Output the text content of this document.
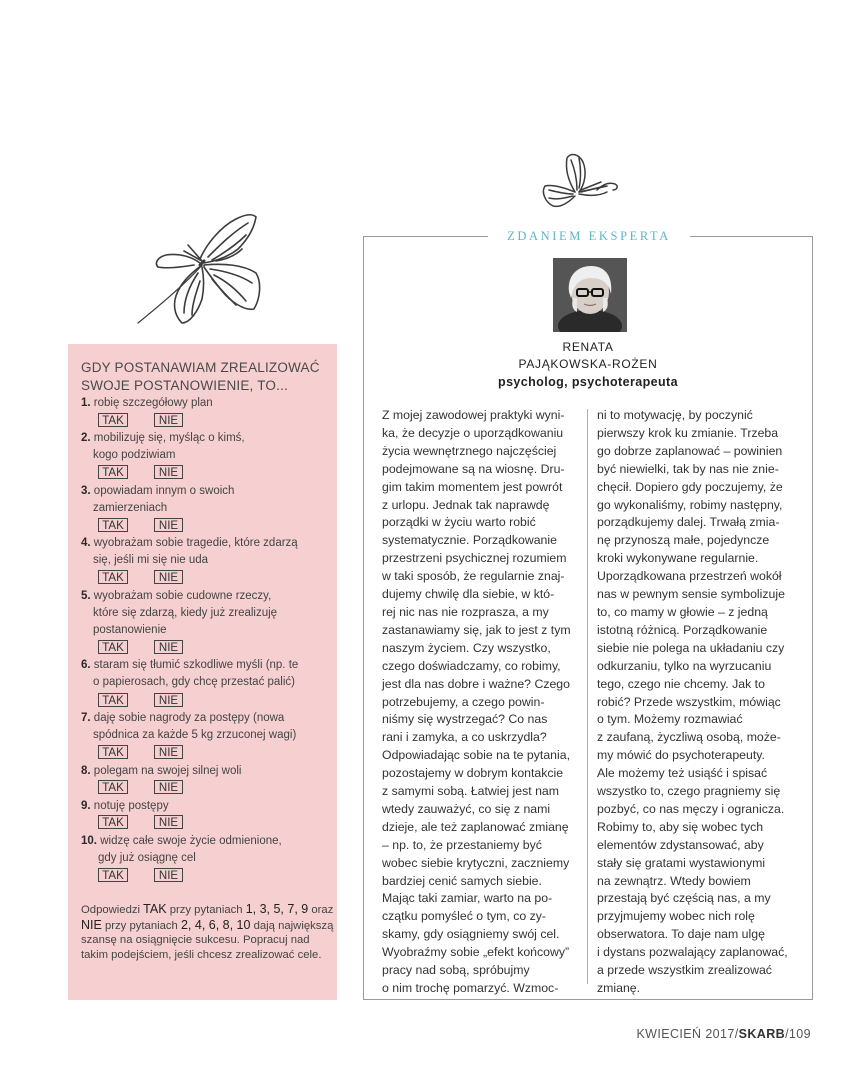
GDY POSTANAWIAM ZREALIZOWAĆ
SWOJE POSTANOWIENIE, TO...
1. robię szczegółowy plan
TAK	NIE
2. mobilizuję się, myśląc o kimś,
kogo podziwiam
TAK	NIE
3. opowiadam innym o swoich
zamierzeniach
TAK	NIE
4. wyobrażam sobie tragedie, które zdarzą
się, jeśli mi się nie uda
TAK	NIE
5. wyobrażam sobie cudowne rzeczy,
które się zdarzą, kiedy już zrealizuję
postanowienie
TAK	NIE
6. staram się tłumić szkodliwe myśli (np. te
o papierosach, gdy chcę przestać palić)
TAK	NIE
7. daję sobie nagrody za postępy (nowa
spódnica za każde 5 kg zrzuconej wagi)
TAK	NIE
8. polegam na swojej silnej woli
TAK	NIE
9. notuję postępy
TAK	NIE
10. widzę całe swoje życie odmienione,
gdy już osiągnę cel
TAK	NIE
Odpowiedzi TAK przy pytaniach 1, 3, 5, 7, 9 oraz NIE przy pytaniach 2, 4, 6, 8, 10 dają największą szansę na osiągnięcie sukcesu. Popracuj nad takim podejściem, jeśli chcesz zrealizować cele.
ZDANIEM EKSPERTA
RENATA
PAJĄKOWSKA-ROŻEN
psycholog, psychoterapeuta
Z mojej zawodowej praktyki wyni-
ka, że decyzje o uporządkowaniu
życia wewnętrznego najczęściej
podejmowane są na wiosnę. Dru-
gim takim momentem jest powrót
z urlopu. Jednak tak naprawdę
porządki w życiu warto robić
systematycznie. Porządkowanie
przestrzeni psychicznej rozumiem
w taki sposób, że regularnie znaj-
dujemy chwilę dla siebie, w któ-
rej nic nas nie rozprasza, a my
zastanawiamy się, jak to jest z tym
naszym życiem. Czy wszystko,
czego doświadczamy, co robimy,
jest dla nas dobre i ważne? Czego
potrzebujemy, a czego powin-
niśmy się wystrzegać? Co nas
rani i zamyka, a co uskrzydla?
Odpowiadając sobie na te pytania,
pozostajemy w dobrym kontakcie
z samymi sobą. Łatwiej jest nam
wtedy zauważyć, co się z nami
dzieje, ale też zaplanować zmianę
– np. to, że przestaniemy być
wobec siebie krytyczni, zaczniemy
bardziej cenić samych siebie.
Mając taki zamiar, warto na po-
czątku pomyśleć o tym, co zy-
skamy, gdy osiągniemy swój cel.
Wyobraźmy sobie „efekt końcowy”
pracy nad sobą, spróbujmy
o nim trochę pomarzyć. Wzmoc-
ni to motywację, by poczynić
pierwszy krok ku zmianie. Trzeba
go dobrze zaplanować – powinien
być niewielki, tak by nas nie znie-
chęcił. Dopiero gdy poczujemy, że
go wykonaliśmy, robimy następny,
porządkujemy dalej. Trwałą zmia-
nę przynoszą małe, pojedyncze
kroki wykonywane regularnie.
Uporządkowana przestrzeń wokół
nas w pewnym sensie symbolizuje
to, co mamy w głowie – z jedną
istotną różnicą. Porządkowanie
siebie nie polega na układaniu czy
odkurzaniu, tylko na wyrzucaniu
tego, czego nie chcemy. Jak to
robić? Przede wszystkim, mówiąc
o tym. Możemy rozmawiać
z zaufaną, życzliwą osobą, może-
my mówić do psychoterapeuty.
Ale możemy też usiąść i spisać
wszystko to, czego pragniemy się
pozbyć, co nas męczy i ogranicza.
Robimy to, aby się wobec tych
elementów zdystansować, aby
stały się gratami wystawionymi
na zewnątrz. Wtedy bowiem
przestają być częścią nas, a my
przyjmujemy wobec nich rolę
obserwatora. To daje nam ulgę
i dystans pozwalający zaplanować,
a przede wszystkim zrealizować
zmianę.
KWIECIEŃ 2017/SKARB/109
